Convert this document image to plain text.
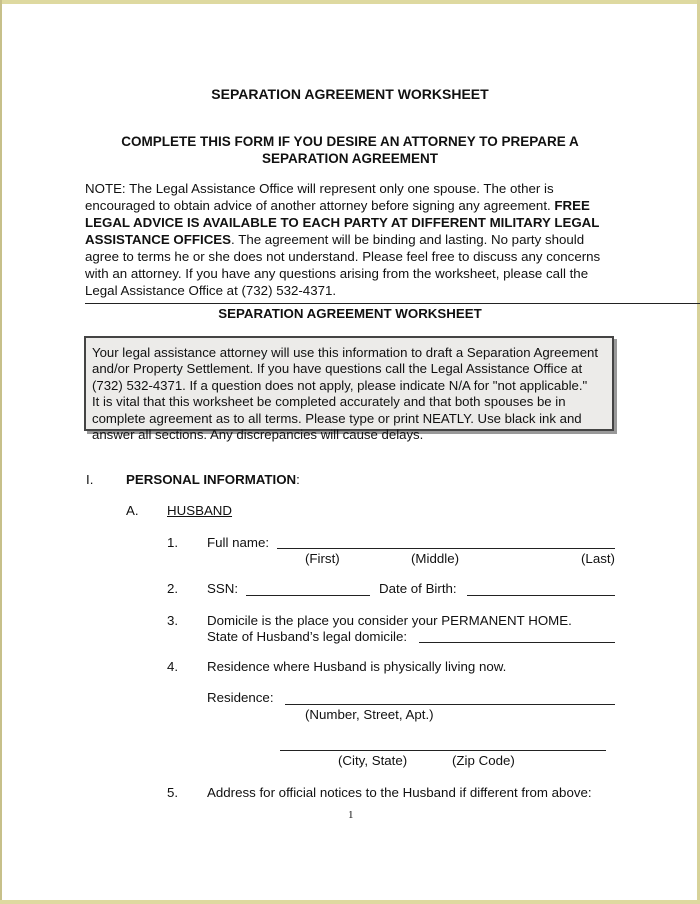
SEPARATION AGREEMENT WORKSHEET
COMPLETE THIS FORM IF YOU DESIRE AN ATTORNEY TO PREPARE A
SEPARATION AGREEMENT
NOTE: The Legal Assistance Office will represent only one spouse. The other is encouraged to obtain advice of another attorney before signing any agreement. FREE LEGAL ADVICE IS AVAILABLE TO EACH PARTY AT DIFFERENT MILITARY LEGAL ASSISTANCE OFFICES. The agreement will be binding and lasting. No party should agree to terms he or she does not understand. Please feel free to discuss any concerns with an attorney. If you have any questions arising from the worksheet, please call the Legal Assistance Office at (732) 532-4371.
SEPARATION AGREEMENT WORKSHEET
Your legal assistance attorney will use this information to draft a Separation Agreement
and/or Property Settlement. If you have questions call the Legal Assistance Office at
(732) 532-4371. If a question does not apply, please indicate N/A for "not applicable."
It is vital that this worksheet be completed accurately and that both spouses be in
complete agreement as to all terms. Please type or print NEATLY. Use black ink and
answer all sections. Any discrepancies will cause delays.
I. PERSONAL INFORMATION:
A. HUSBAND
1. Full name:
(First)	(Middle)	(Last)
2. SSN:	Date of Birth:
3. Domicile is the place you consider your PERMANENT HOME.
State of Husband’s legal domicile:
4. Residence where Husband is physically living now.
Residence:
(Number, Street, Apt.)
(City, State)	(Zip Code)
5. Address for official notices to the Husband if different from above:
1
